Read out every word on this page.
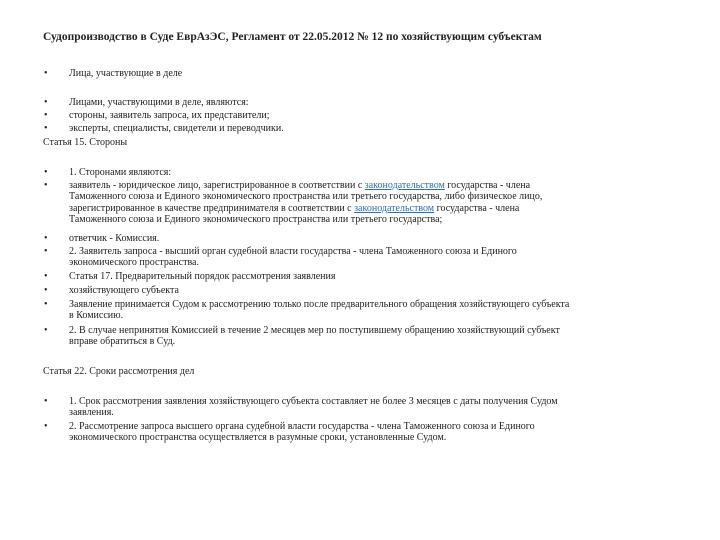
Судопроизводство в Суде ЕврАзЭС, Регламент от 22.05.2012 № 12 по хозяйствующим субъектам
• Лица, участвующие в деле
• Лицами, участвующими в деле, являются:
• стороны, заявитель запроса, их представители;
• эксперты, специалисты, свидетели и переводчики.
Статья 15. Стороны
• 1. Сторонами являются:
• заявитель - юридическое лицо, зарегистрированное в соответствии с законодательством государства - члена
Таможенного союза и Единого экономического пространства или третьего государства, либо физическое лицо,
зарегистрированное в качестве предпринимателя в соответствии с законодательством государства - члена
Таможенного союза и Единого экономического пространства или третьего государства;
• ответчик - Комиссия.
• 2. Заявитель запроса - высший орган судебной власти государства - члена Таможенного союза и Единого
экономического пространства.
• Статья 17. Предварительный порядок рассмотрения заявления
• хозяйствующего субъекта
• Заявление принимается Судом к рассмотрению только после предварительного обращения хозяйствующего субъекта
в Комиссию.
• 2. В случае непринятия Комиссией в течение 2 месяцев мер по поступившему обращению хозяйствующий субъект
вправе обратиться в Суд.
Статья 22. Сроки рассмотрения дел
• 1. Срок рассмотрения заявления хозяйствующего субъекта составляет не более 3 месяцев с даты получения Судом
заявления.
• 2. Рассмотрение запроса высшего органа судебной власти государства - члена Таможенного союза и Единого
экономического пространства осуществляется в разумные сроки, установленные Судом.
